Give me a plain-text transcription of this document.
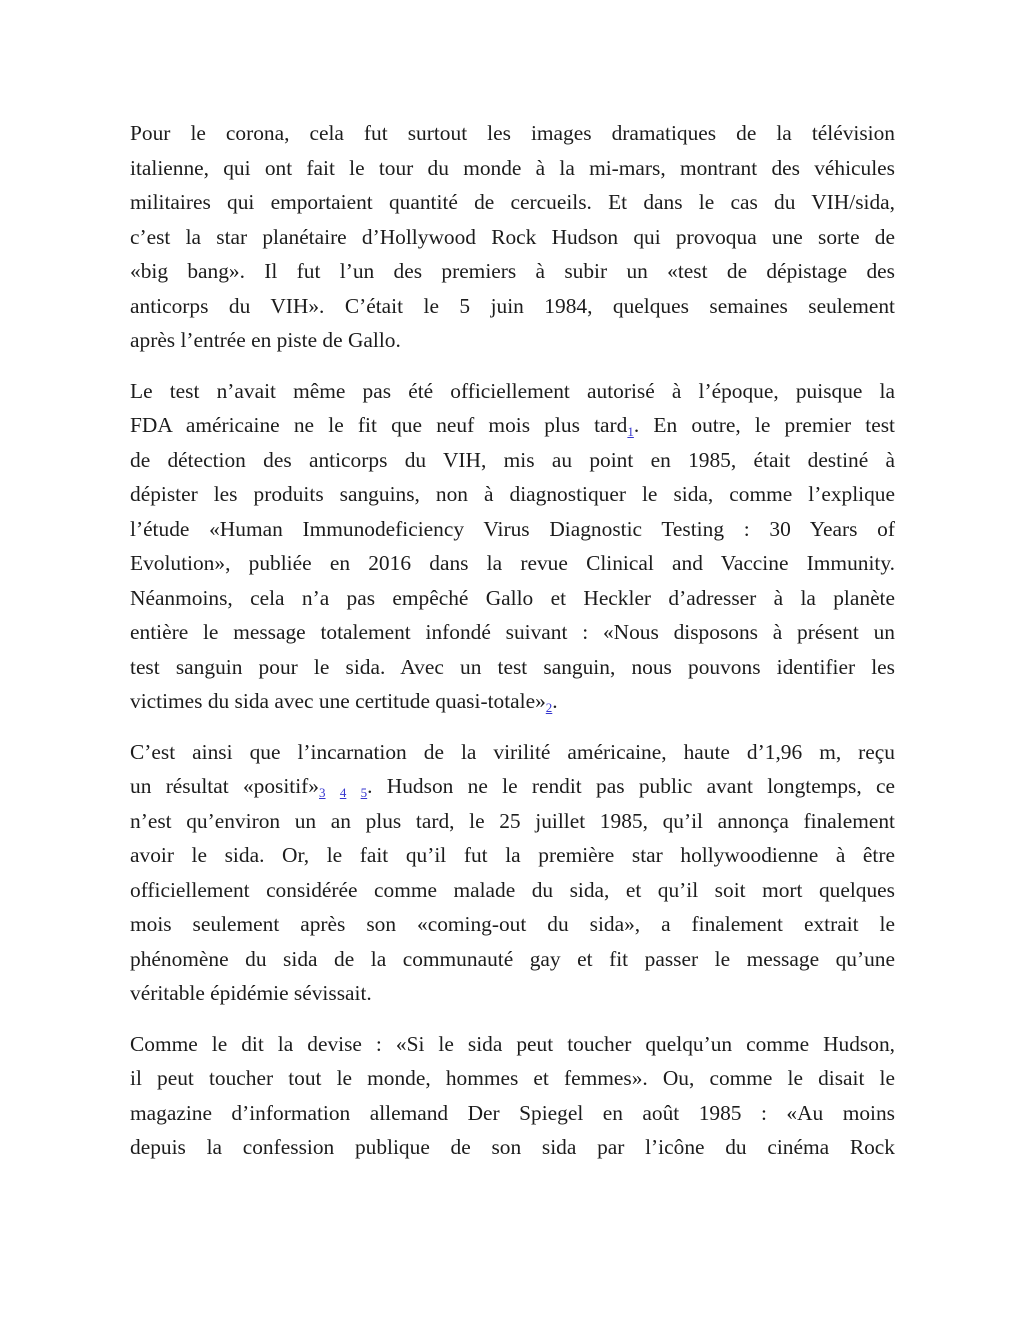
Pour le corona, cela fut surtout les images dramatiques de la télévision
italienne, qui ont fait le tour du monde à la mi-mars, montrant des véhicules
militaires qui emportaient quantité de cercueils. Et dans le cas du VIH/sida,
c’est la star planétaire d’Hollywood Rock Hudson qui provoqua une sorte de
«big bang». Il fut l’un des premiers à subir un «test de dépistage des
anticorps du VIH». C’était le 5 juin 1984, quelques semaines seulement
après l’entrée en piste de Gallo.
Le test n’avait même pas été officiellement autorisé à l’époque, puisque la
FDA américaine ne le fit que neuf mois plus tard1. En outre, le premier test
de détection des anticorps du VIH, mis au point en 1985, était destiné à
dépister les produits sanguins, non à diagnostiquer le sida, comme l’explique
l’étude «Human Immunodeficiency Virus Diagnostic Testing : 30 Years of
Evolution», publiée en 2016 dans la revue Clinical and Vaccine Immunity.
Néanmoins, cela n’a pas empêché Gallo et Heckler d’adresser à la planète
entière le message totalement infondé suivant : «Nous disposons à présent un
test sanguin pour le sida. Avec un test sanguin, nous pouvons identifier les
victimes du sida avec une certitude quasi-totale»2.
C’est ainsi que l’incarnation de la virilité américaine, haute d’1,96 m, reçu
un résultat «positif»3 4 5. Hudson ne le rendit pas public avant longtemps, ce
n’est qu’environ un an plus tard, le 25 juillet 1985, qu’il annonça finalement
avoir le sida. Or, le fait qu’il fut la première star hollywoodienne à être
officiellement considérée comme malade du sida, et qu’il soit mort quelques
mois seulement après son «coming-out du sida», a finalement extrait le
phénomène du sida de la communauté gay et fit passer le message qu’une
véritable épidémie sévissait.
Comme le dit la devise : «Si le sida peut toucher quelqu’un comme Hudson,
il peut toucher tout le monde, hommes et femmes». Ou, comme le disait le
magazine d’information allemand Der Spiegel en août 1985 : «Au moins
depuis la confession publique de son sida par l’icône du cinéma Rock
